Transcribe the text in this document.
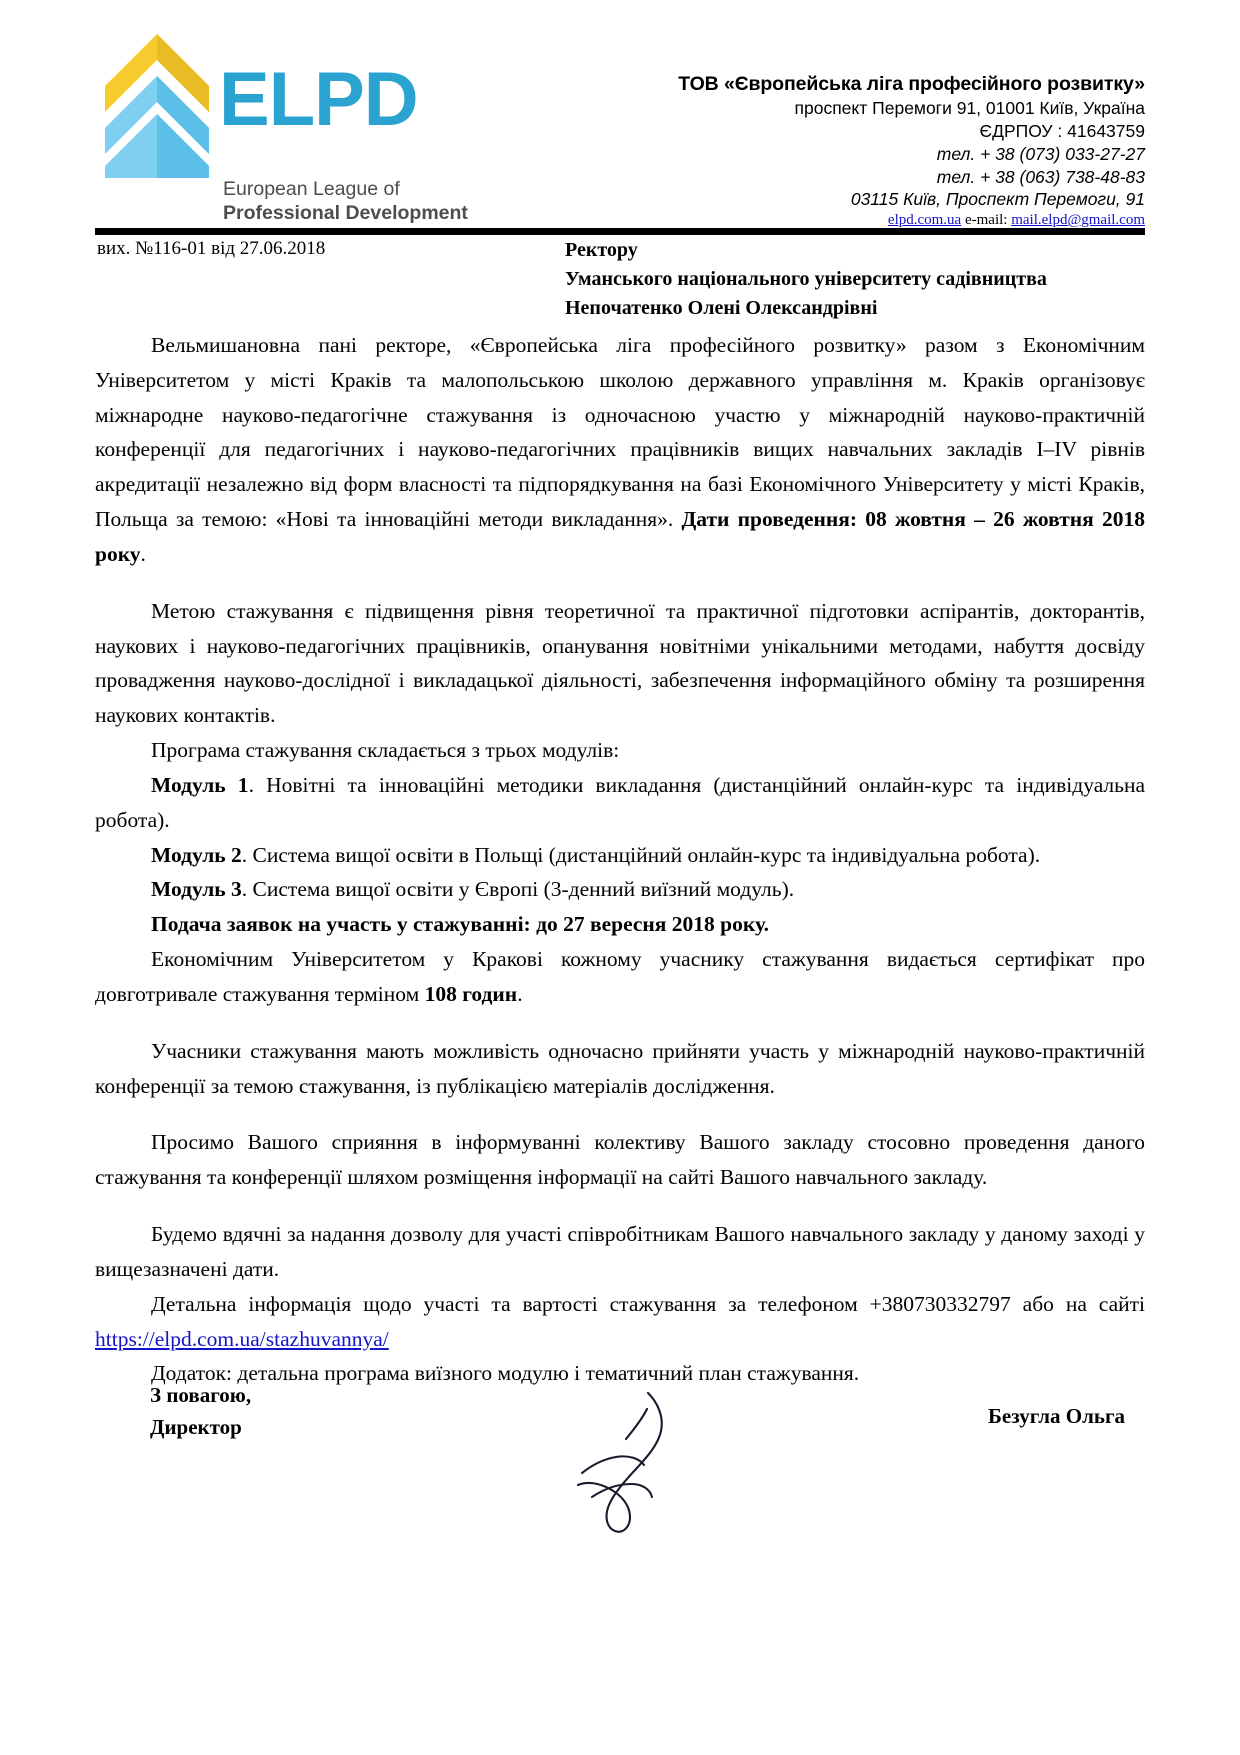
ELPD
European League of
Professional Development
ТОВ «Європейська ліга професійного розвитку»
проспект Перемоги 91, 01001 Київ, Україна
ЄДРПОУ : 41643759
тел. + 38 (073) 033-27-27
тел. + 38 (063) 738-48-83
03115 Київ, Проспект Перемоги, 91
elpd.com.ua e-mail: mail.elpd@gmail.com
вих. №116-01 від 27.06.2018	Ректору
Уманського національного університету садівництва
Непочатенко Олені Олександрівні

Вельмишановна пані ректоре, «Європейська ліга професійного розвитку» разом з Економічним Університетом у місті Краків та малопольською школою державного управління м. Краків організовує міжнародне науково-педагогічне стажування із одночасною участю у міжнародній науково-практичній конференції для педагогічних і науково-педагогічних працівників вищих навчальних закладів I–IV рівнів акредитації незалежно від форм власності та підпорядкування на базі Економічного Університету у місті Краків, Польща за темою: «Нові та інноваційні методи викладання». Дати проведення: 08 жовтня – 26 жовтня 2018 року.

Метою стажування є підвищення рівня теоретичної та практичної підготовки аспірантів, докторантів, наукових і науково-педагогічних працівників, опанування новітніми унікальними методами, набуття досвіду провадження науково-дослідної і викладацької діяльності, забезпечення інформаційного обміну та розширення наукових контактів.

Програма стажування складається з трьох модулів:

Модуль 1. Новітні та інноваційні методики викладання (дистанційний онлайн-курс та індивідуальна робота).

Модуль 2. Система вищої освіти в Польщі (дистанційний онлайн-курс та індивідуальна робота).

Модуль 3. Система вищої освіти у Європі (3-денний виїзний модуль).

Подача заявок на участь у стажуванні: до 27 вересня 2018 року.

Економічним Університетом у Кракові кожному учаснику стажування видається сертифікат про довготривале стажування терміном 108 годин.

Учасники стажування мають можливість одночасно прийняти участь у міжнародній науково-практичній конференції за темою стажування, із публікацією матеріалів дослідження.

Просимо Вашого сприяння в інформуванні колективу Вашого закладу стосовно проведення даного стажування та конференції шляхом розміщення інформації на сайті Вашого навчального закладу.

Будемо вдячні за надання дозволу для участі співробітникам Вашого навчального закладу у даному заході у вищезазначені дати.

Детальна інформація щодо участі та вартості стажування за телефоном +380730332797 або на сайті https://elpd.com.ua/stazhuvannya/

Додаток: детальна програма виїзного модулю і тематичний план стажування.

З повагою,
Директор	Безугла Ольга
